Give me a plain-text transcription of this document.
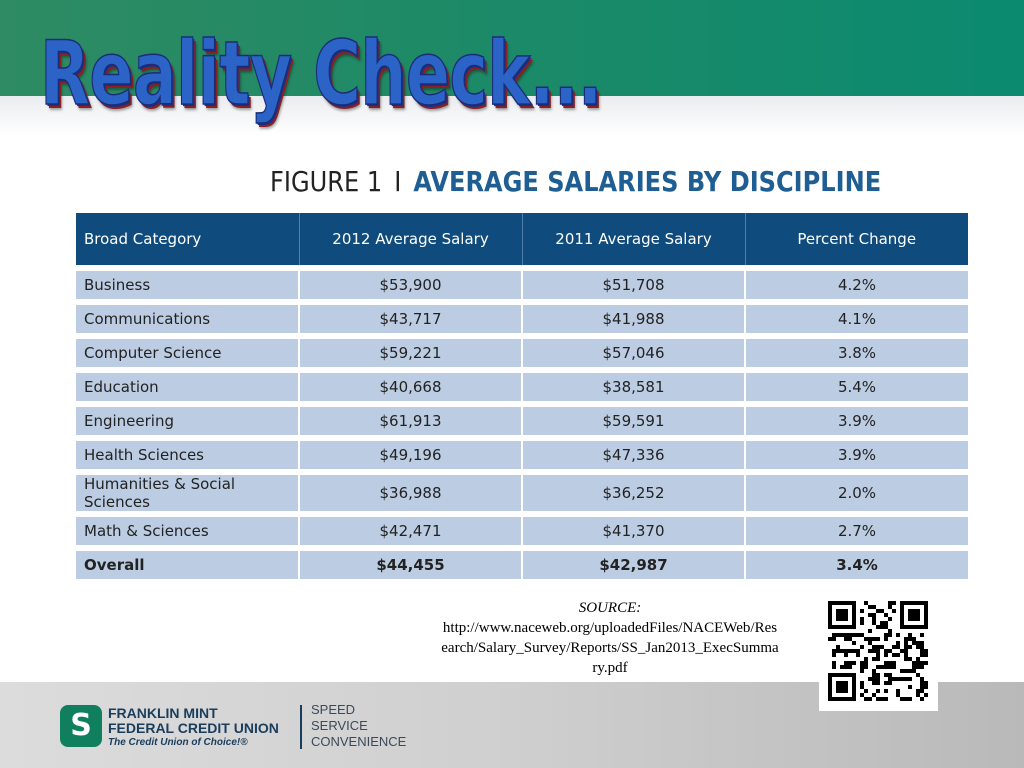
Reality Check...
FIGURE 1 I AVERAGE SALARIES BY DISCIPLINE
Broad Category	2012 Average Salary	2011 Average Salary	Percent Change
Business	$53,900	$51,708	4.2%
Communications	$43,717	$41,988	4.1%
Computer Science	$59,221	$57,046	3.8%
Education	$40,668	$38,581	5.4%
Engineering	$61,913	$59,591	3.9%
Health Sciences	$49,196	$47,336	3.9%
Humanities & Social Sciences	$36,988	$36,252	2.0%
Math & Sciences	$42,471	$41,370	2.7%
Overall	$44,455	$42,987	3.4%
SOURCE:
http://www.naceweb.org/uploadedFiles/NACEWeb/Research/Salary_Survey/Reports/SS_Jan2013_ExecSummary.pdf
S	FRANKLIN MINT
FEDERAL CREDIT UNION
The Credit Union of Choice!®
SPEED
SERVICE
CONVENIENCE
